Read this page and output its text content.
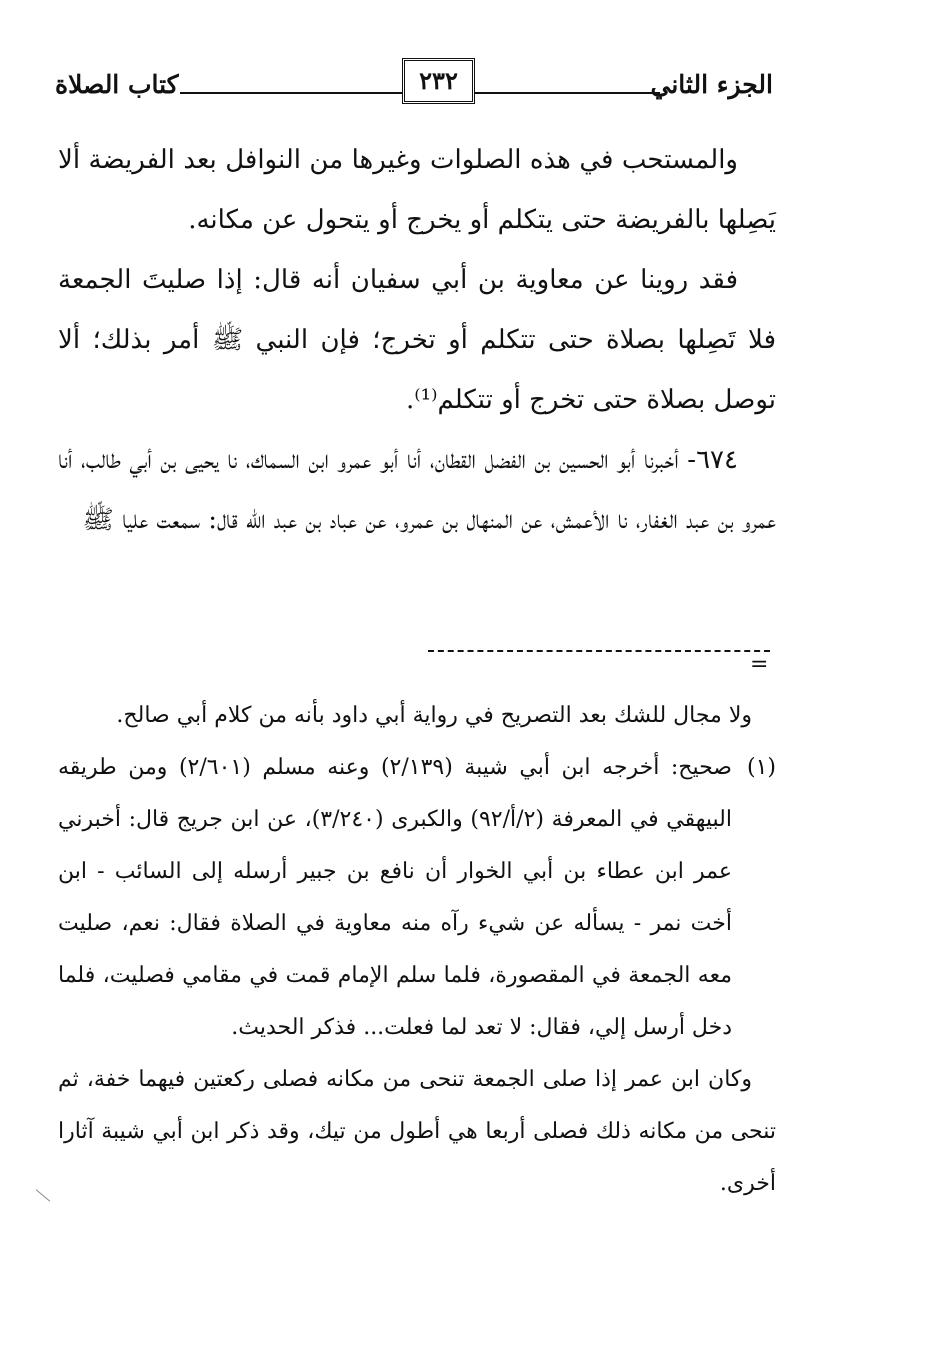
الجزء الثاني
٢٣٢
كتاب الصلاة

والمستحب في هذه الصلوات وغيرها من النوافل بعد الفريضة ألا يَصِلها بالفريضة حتى يتكلم أو يخرج أو يتحول عن مكانه.

فقد روينا عن معاوية بن أبي سفيان أنه قال: إذا صليتَ الجمعة فلا تَصِلها بصلاة حتى تتكلم أو تخرج؛ فإن النبي ﷺ أمر بذلك؛ ألا توصل بصلاة حتى تخرج أو تتكلم⁽¹⁾.

٦٧٤- أخبرنا أبو الحسين بن الفضل القطان، أنا أبو عمرو ابن السماك، نا يحيى بن أبي طالب، أنا عمرو بن عبد الغفار، نا الأعمش، عن المنهال بن عمرو، عن عباد بن عبد الله قال: سمعت عليا ﷺ

=

ولا مجال للشك بعد التصريح في رواية أبي داود بأنه من كلام أبي صالح.

(١)
صحيح: أخرجه ابن أبي شيبة (٢/١٣٩) وعنه مسلم (٢/٦٠١) ومن طريقه البيهقي في المعرفة (٢/أ/٩٢) والكبرى (٣/٢٤٠)، عن ابن جريج قال: أخبرني عمر ابن عطاء بن أبي الخوار أن نافع بن جبير أرسله إلى السائب - ابن أخت نمر - يسأله عن شيء رآه منه معاوية في الصلاة فقال: نعم، صليت معه الجمعة في المقصورة، فلما سلم الإمام قمت في مقامي فصليت، فلما دخل أرسل إلي، فقال: لا تعد لما فعلت... فذكر الحديث.

وكان ابن عمر إذا صلى الجمعة تنحى من مكانه فصلى ركعتين فيهما خفة، ثم تنحى من مكانه ذلك فصلى أربعا هي أطول من تيك، وقد ذكر ابن أبي شيبة آثارا أخرى.
